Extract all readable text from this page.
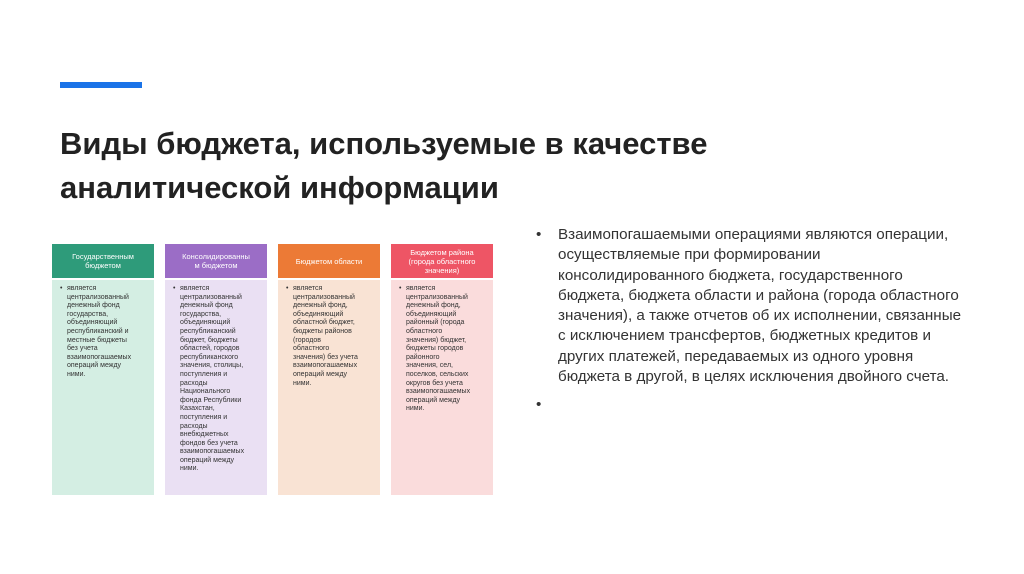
Виды бюджета, используемые в качестве аналитической информации
Государственным бюджетом
• является
централизованный
денежный фонд
государства,
объединяющий
республиканский и
местные бюджеты
без учета
взаимопогашаемых
операций между
ними.
Консолидированны
м бюджетом
• является
централизованный
денежный фонд
государства,
объединяющий
республиканский
бюджет, бюджеты
областей, городов
республиканского
значения, столицы,
поступления и
расходы
Национального
фонда Республики
Казахстан,
поступления и
расходы
внебюджетных
фондов без учета
взаимопогашаемых
операций между
ними.
Бюджетом области
• является
централизованный
денежный фонд,
объединяющий
областной бюджет,
бюджеты районов
(городов
областного
значения) без учета
взаимопогашаемых
операций между
ними.
Бюджетом района
(города областного
значения)
• является
централизованный
денежный фонд,
объединяющий
районный (города
областного
значения) бюджет,
бюджеты городов
районного
значения, сел,
поселков, сельских
округов без учета
взаимопогашаемых
операций между
ними.
• Взаимопогашаемыми операциями являются операции, осуществляемые при формировании консолидированного бюджета, государственного бюджета, бюджета области и района (города областного значения), а также отчетов об их исполнении, связанные с исключением трансфертов, бюджетных кредитов и других платежей, передаваемых из одного уровня бюджета в другой, в целях исключения двойного счета.
•
